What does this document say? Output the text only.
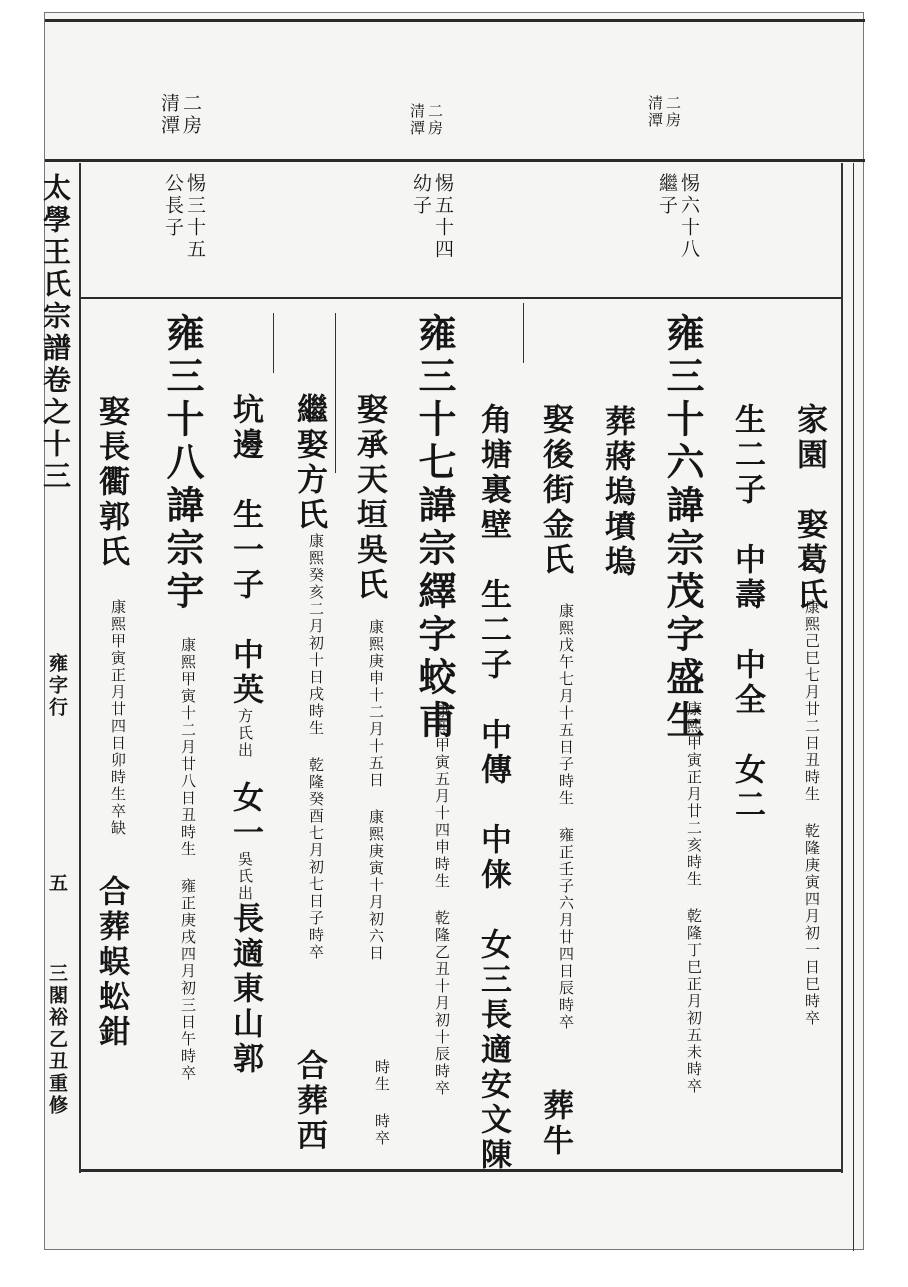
太學王氏宗譜卷之十三
雍字行
五
三閣裕乙丑重修
二房
清潭
二房
清潭
二房
清潭
惕六十八
繼子
惕五十四
幼子
惕三十五
公長子
家園　娶葛氏
康熙己巳七月廿二日丑時生 乾隆庚寅四月初一日巳時卒
生二子　中壽　中全　女二
雍三十六諱宗茂字盛生
康熙甲寅正月廿二亥時生 乾隆丁巳正月初五未時卒
葬蔣塢墳塢
娶後街金氏
康熙戊午七月十五日子時生 雍正壬子六月廿四日辰時卒
葬牛
角塘裏壁　生二子　中傳　中俫　女三長適安文陳
雍三十七諱宗繹字蛟甫
康熙甲寅五月十四申時生 乾隆乙丑十月初十辰時卒
娶承天垣吳氏
康熙庚申十二月十五日 康熙庚寅十月初六日
時生 時卒
繼娶方氏
康熙癸亥二月初十日戌時生 乾隆癸酉七月初七日子時卒
合葬西
坑邊　生一子　中英方氏出女一吳氏出長適東山郭
雍三十八諱宗宇
康熙甲寅十二月廿八日丑時生 雍正庚戌四月初三日午時卒
娶長衢郭氏
康熙甲寅正月廿四日卯時生卒缺
合葬蜈蚣鉗
